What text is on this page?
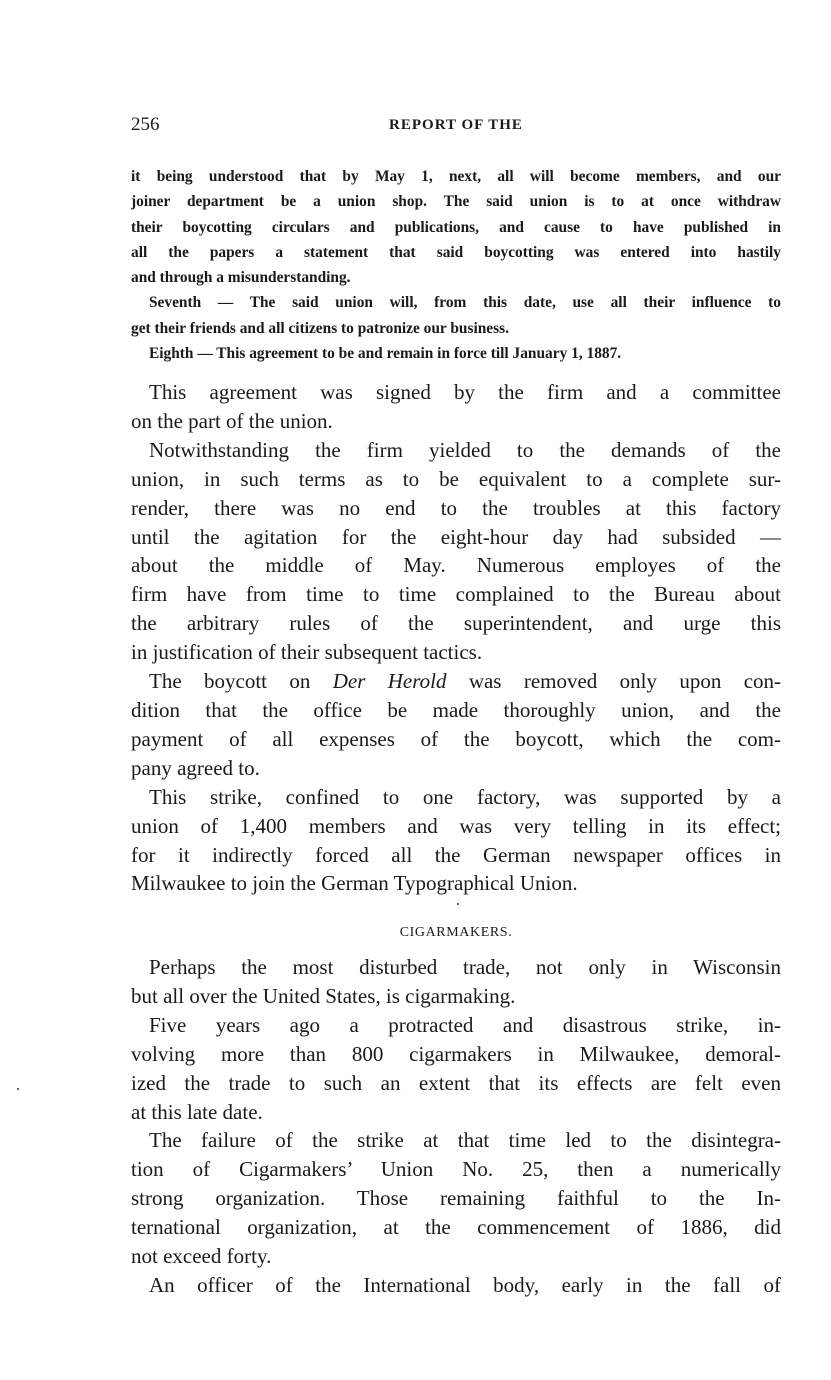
256	REPORT OF THE
it being understood that by May 1, next, all will become members, and our
joiner department be a union shop. The said union is to at once withdraw
their boycotting circulars and publications, and cause to have published in
all the papers a statement that said boycotting was entered into hastily
and through a misunderstanding.
Seventh — The said union will, from this date, use all their influence to
get their friends and all citizens to patronize our business.
Eighth — This agreement to be and remain in force till January 1, 1887.
This agreement was signed by the firm and a committee
on the part of the union.
Notwithstanding the firm yielded to the demands of the
union, in such terms as to be equivalent to a complete sur-
render, there was no end to the troubles at this factory
until the agitation for the eight-hour day had subsided —
about the middle of May. Numerous employes of the
firm have from time to time complained to the Bureau about
the arbitrary rules of the superintendent, and urge this
in justification of their subsequent tactics.
The boycott on Der Herold was removed only upon con-
dition that the office be made thoroughly union, and the
payment of all expenses of the boycott, which the com-
pany agreed to.
This strike, confined to one factory, was supported by a
union of 1,400 members and was very telling in its effect;
for it indirectly forced all the German newspaper offices in
Milwaukee to join the German Typographical Union.
CIGARMAKERS.
Perhaps the most disturbed trade, not only in Wisconsin
but all over the United States, is cigarmaking.
Five years ago a protracted and disastrous strike, in-
volving more than 800 cigarmakers in Milwaukee, demoral-
ized the trade to such an extent that its effects are felt even
at this late date.
The failure of the strike at that time led to the disintegra-
tion of Cigarmakers’ Union No. 25, then a numerically
strong organization. Those remaining faithful to the In-
ternational organization, at the commencement of 1886, did
not exceed forty.
An officer of the International body, early in the fall of
